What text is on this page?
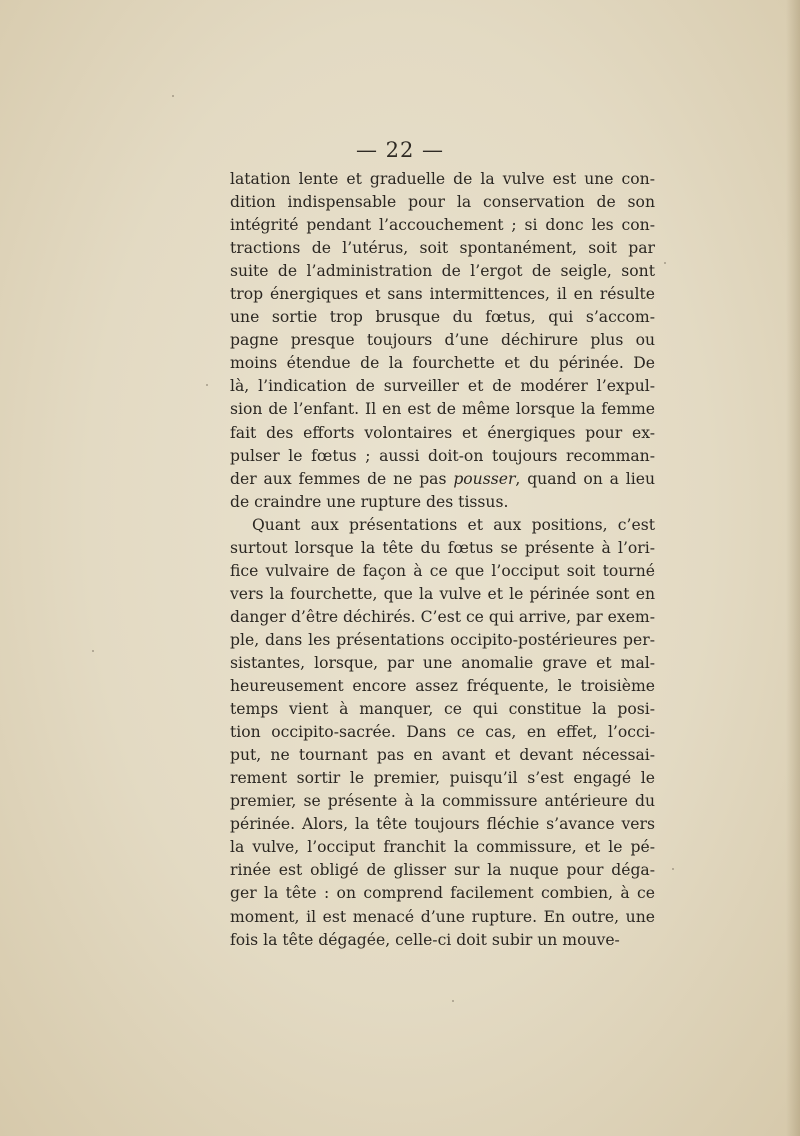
— 22 —
latation lente et graduelle de la vulve est une con-
dition indispensable pour la conservation de son
intégrité pendant l’accouchement ; si donc les con-
tractions de l’utérus, soit spontanément, soit par
suite de l’administration de l’ergot de seigle, sont
trop énergiques et sans intermittences, il en résulte
une sortie trop brusque du fœtus, qui s’accom-
pagne presque toujours d’une déchirure plus ou
moins étendue de la fourchette et du périnée. De
là, l’indication de surveiller et de modérer l’expul-
sion de l’enfant. Il en est de même lorsque la femme
fait des efforts volontaires et énergiques pour ex-
pulser le fœtus ; aussi doit-on toujours recomman-
der aux femmes de ne pas pousser, quand on a lieu
de craindre une rupture des tissus.
Quant aux présentations et aux positions, c’est
surtout lorsque la tête du fœtus se présente à l’ori-
fice vulvaire de façon à ce que l’occiput soit tourné
vers la fourchette, que la vulve et le périnée sont en
danger d’être déchirés. C’est ce qui arrive, par exem-
ple, dans les présentations occipito-postérieures per-
sistantes, lorsque, par une anomalie grave et mal-
heureusement encore assez fréquente, le troisième
temps vient à manquer, ce qui constitue la posi-
tion occipito-sacrée. Dans ce cas, en effet, l’occi-
put, ne tournant pas en avant et devant nécessai-
rement sortir le premier, puisqu’il s’est engagé le
premier, se présente à la commissure antérieure du
périnée. Alors, la tête toujours fléchie s’avance vers
la vulve, l’occiput franchit la commissure, et le pé-
rinée est obligé de glisser sur la nuque pour déga-
ger la tête : on comprend facilement combien, à ce
moment, il est menacé d’une rupture. En outre, une
fois la tête dégagée, celle-ci doit subir un mouve-
